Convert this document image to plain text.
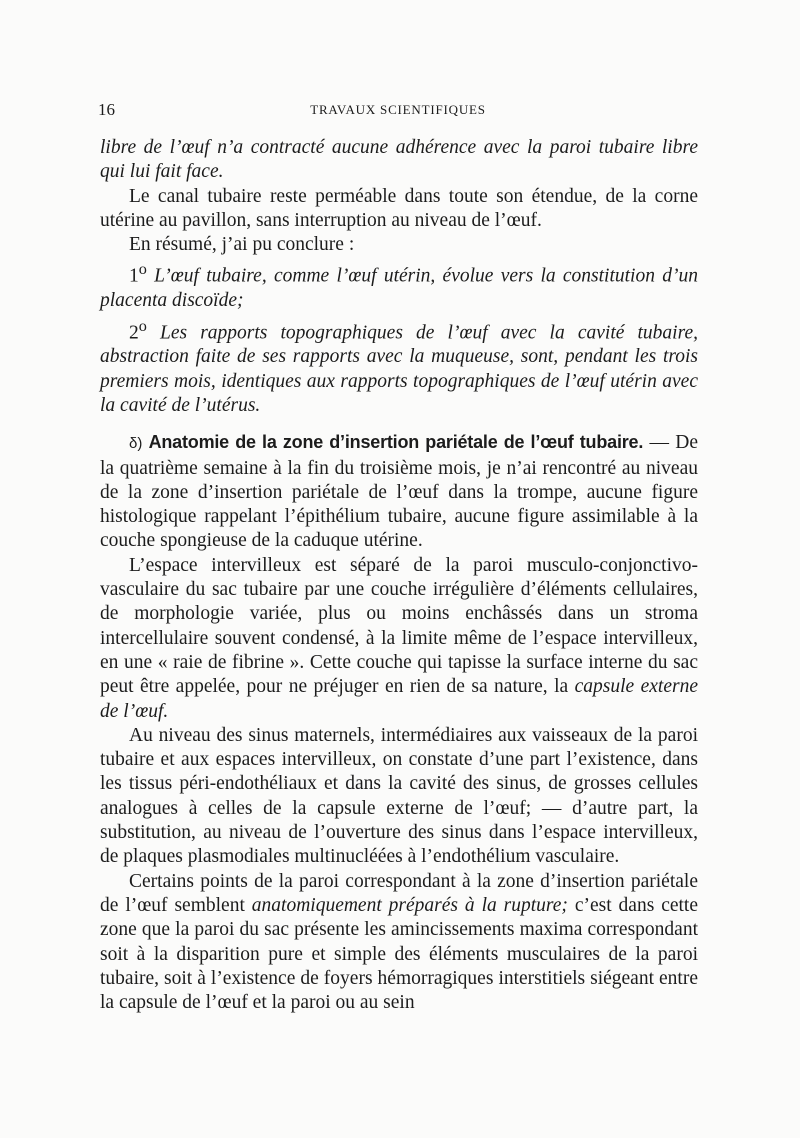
16	TRAVAUX SCIENTIFIQUES

libre de l’œuf n’a contracté aucune adhérence avec la paroi tubaire libre qui lui fait face.

Le canal tubaire reste perméable dans toute son étendue, de la corne utérine au pavillon, sans interruption au niveau de l’œuf.

En résumé, j’ai pu conclure :

1$^o$ L’œuf tubaire, comme l’œuf utérin, évolue vers la constitution d’un placenta discoïde;

2$^o$ Les rapports topographiques de l’œuf avec la cavité tubaire, abstraction faite de ses rapports avec la muqueuse, sont, pendant les trois premiers mois, identiques aux rapports topographiques de l’œuf utérin avec la cavité de l’utérus.

δ) Anatomie de la zone d’insertion pariétale de l’œuf tubaire. — De la quatrième semaine à la fin du troisième mois, je n’ai rencontré au niveau de la zone d’insertion pariétale de l’œuf dans la trompe, aucune figure histologique rappelant l’épithélium tubaire, aucune figure assimilable à la couche spongieuse de la caduque utérine.

L’espace intervilleux est séparé de la paroi musculo-conjonctivo-vasculaire du sac tubaire par une couche irrégulière d’éléments cellulaires, de morphologie variée, plus ou moins enchâssés dans un stroma intercellulaire souvent condensé, à la limite même de l’espace intervilleux, en une « raie de fibrine ». Cette couche qui tapisse la surface interne du sac peut être appelée, pour ne préjuger en rien de sa nature, la capsule externe de l’œuf.

Au niveau des sinus maternels, intermédiaires aux vaisseaux de la paroi tubaire et aux espaces intervilleux, on constate d’une part l’existence, dans les tissus péri-endothéliaux et dans la cavité des sinus, de grosses cellules analogues à celles de la capsule externe de l’œuf; — d’autre part, la substitution, au niveau de l’ouverture des sinus dans l’espace intervilleux, de plaques plasmodiales multinucléées à l’endothélium vasculaire.

Certains points de la paroi correspondant à la zone d’insertion pariétale de l’œuf semblent anatomiquement préparés à la rupture; c’est dans cette zone que la paroi du sac présente les amincissements maxima correspondant soit à la disparition pure et simple des éléments musculaires de la paroi tubaire, soit à l’existence de foyers hémorragiques interstitiels siégeant entre la capsule de l’œuf et la paroi ou au sein
